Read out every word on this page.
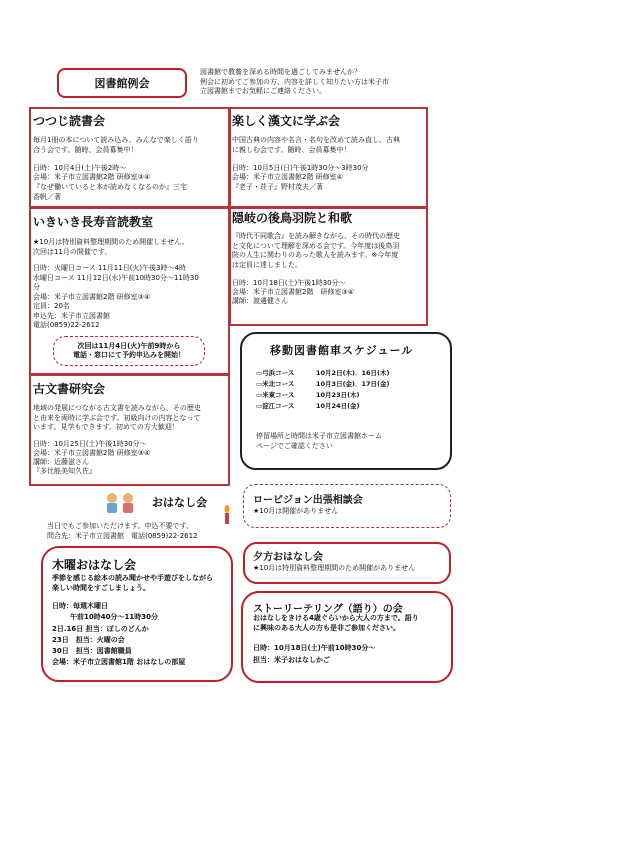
図書館例会

図書館で教養を深める時間を過ごしてみませんか？
例会に初めてご参加の方、内容を詳しく知りたい方は米子市
立図書館までお気軽にご連絡ください。

つつじ読書会

毎月1冊の本について読み込み、みんなで楽しく語り
合う会です。随時、会員募集中！

日時：10月4日(土)午後2時～

会場：米子市立図書館2階 研修室③④

『なぜ働いていると本が読めなくなるのか』三宅
香帆／著

楽しく漢文に学ぶ会

中国古典の内容や名言・名句を改めて読み直し、古典
に親しむ会です。随時、会員募集中！

日時：10月5日(日)午後1時30分～3時30分

会場：米子市立図書館2階 研修室④

『老子・荘子』野村茂夫／著

いきいき長寿音読教室

★10月は特別資料整理期間のため開催しません。
次回は11月の開催です。

日時：火曜日コース 11月11日(火)午後3時～4時
水曜日コース 11月12日(水)午前10時30分～11時30
分
会場：米子市立図書館2階 研修室③④
定員：20名
申込先：米子市立図書館
電話(0859)22-2612

次回は11月4日(火)午前9時から
電話・窓口にて予約申込みを開始！

隠岐の後鳥羽院と和歌

『時代不同歌合』を読み解きながら、その時代の歴史
と文化について理解を深める会です。今年度は後鳥羽
院の人生に関わりのあった歌人を読みます。※今年度
は定員に達しました。

日時：10月18日(土)午後1時30分～

会場：米子市立図書館2階　研修室③④

講師：渡邊健さん

古文書研究会

地域の発展につながる古文書を読みながら、その歴史
と由来を両時に学ぶ会です。初級向けの内容となって
います。見学もできます。初めての方大歓迎！

日時：10月25日(土)午後1時30分～

会場：米子市立図書館2階 研修室③④

講師：近藤滋さん

『多比能美知久佐』

移動図書館車スケジュール

▭弓浜コース	10月2日(木)．16日(木)
▭米北コース	10月3日(金)．17日(金)
▭米東コース	10月23日(木)
▭淀江コース	10月24日(金)

停留場所と時間は米子市立図書館ホーム
ページでご確認ください

おはなし会

当日でもご参加いただけます。申込不要です。

問合先：米子市立図書館　電話(0859)22-2612

木曜おはなし会

季節を感じる絵本の読み聞かせや手遊びをしながら
楽しい時間をすごしましょう。

日時：毎週木曜日

午前10時40分～11時30分

2日.16日 担当：ぽしのどんか

23日　担当：火曜の会

30日　担当：図書館職員

会場：米子市立図書館1階 おはなしの部屋

ロービジョン出張相談会

★10月は開催がありません

夕方おはなし会

★10月は特別資料整理期間のため開催がありません

ストーリーテリング（語り）の会

おはなしをきける4歳ぐらいから大人の方まで。語り
に興味のある大人の方も是非ご参加ください。

日時：10月18日(土)午前10時30分～

担当：米子おはなしかご
